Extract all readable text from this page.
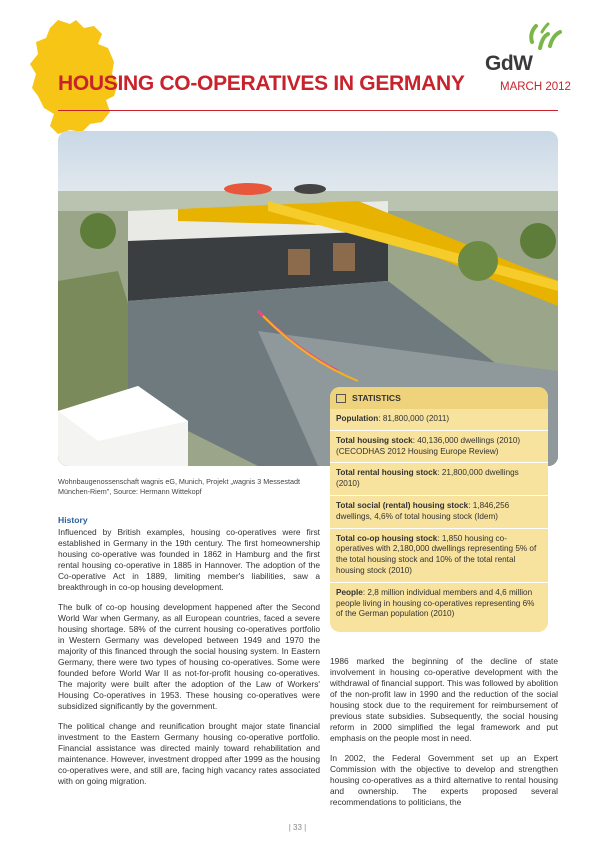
GdW
HOUSING CO-OPERATIVES IN GERMANY	MARCH 2012
Wohnbaugenossenschaft wagnis eG, Munich, Projekt „wagnis 3 Messestadt München-Riem", Source: Hermann Wittekopf
History

Influenced by British examples, housing co-operatives were first established in Germany in the 19th century. The first homeownership housing co-operative was founded in 1862 in Hamburg and the first rental housing co-operative in 1885 in Hannover. The adoption of the Co-operative Act in 1889, limiting member's liabilities, saw a breakthrough in co-op housing development.

The bulk of co-op housing development happened after the Second World War when Germany, as all European countries, faced a severe housing shortage. 58% of the current housing co-operatives portfolio in Western Germany was developed between 1949 and 1970 the majority of this financed through the social housing system. In Eastern Germany, there were two types of housing co-operatives. Some were founded before World War II as not-for-profit housing co-operatives. The majority were built after the adoption of the Law of Workers' Housing Co-operatives in 1953. These housing co-operatives were subsidized significantly by the government.

The political change and reunification brought major state financial investment to the Eastern Germany housing co-operative portfolio. Financial assistance was directed mainly toward rehabilitation and maintenance. However, investment dropped after 1999 as the housing co-operatives were, and still are, facing high vacancy rates associated with on going migration.

STATISTICS
Population: 81,800,000 (2011)
Total housing stock: 40,136,000 dwellings (2010) (CECODHAS 2012 Housing Europe Review)
Total rental housing stock: 21,800,000 dwellings (2010)
Total social (rental) housing stock: 1,846,256 dwellings, 4,6% of total housing stock (Idem)
Total co-op housing stock: 1,850 housing co-operatives with 2,180,000 dwellings representing 5% of the total housing stock and 10% of the total rental housing stock (2010)
People: 2,8 million individual members and 4,6 million people living in housing co-operatives representing 6% of the German population (2010)

1986 marked the beginning of the decline of state involvement in housing co-operative development with the withdrawal of financial support. This was followed by abolition of the non-profit law in 1990 and the reduction of the social housing stock due to the requirement for reimbursement of previous state subsidies. Subsequently, the social housing reform in 2000 simplified the legal framework and put emphasis on the people most in need.

In 2002, the Federal Government set up an Expert Commission with the objective to develop and strengthen housing co-operatives as a third alternative to rental housing and ownership. The experts proposed several recommendations to politicians, the

| 33 |
